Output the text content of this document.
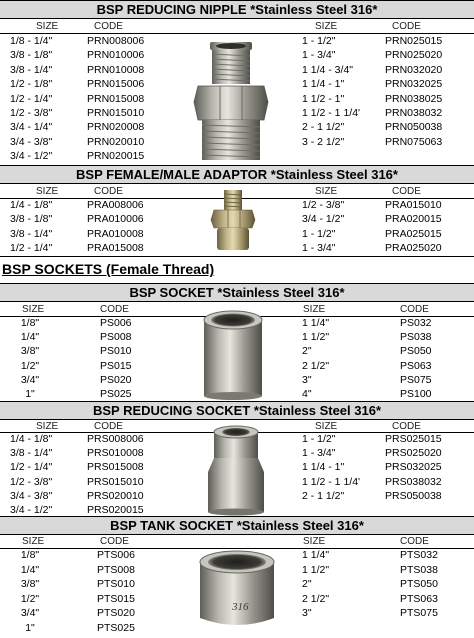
BSP REDUCING NIPPLE *Stainless Steel 316*
SIZE	CODE	SIZE	CODE
1/8 - 1/4"	PRN008006
3/8 - 1/8"	PRN010006
3/8 - 1/4"	PRN010008
1/2 - 1/8"	PRN015006
1/2 - 1/4"	PRN015008
1/2 - 3/8"	PRN015010
3/4 - 1/4"	PRN020008
3/4 - 3/8"	PRN020010
3/4 - 1/2"	PRN020015
1 - 1/2"	PRN025015
1 - 3/4"	PRN025020
1 1/4 - 3/4"	PRN032020
1 1/4 - 1"	PRN032025
1 1/2 - 1"	PRN038025
1 1/2 - 1 1/4' PRN038032
2 - 1 1/2"	PRN050038
3 - 2 1/2"	PRN075063
BSP FEMALE/MALE ADAPTOR *Stainless Steel 316*
SIZE	CODE	SIZE	CODE
1/4 - 1/8"	PRA008006
3/8 - 1/8"	PRA010006
3/8 - 1/4"	PRA010008
1/2 - 1/4"	PRA015008
1/2 - 3/8"	PRA015010
3/4 - 1/2"	PRA020015
1 - 1/2"	PRA025015
1 - 3/4"	PRA025020
BSP SOCKETS (Female Thread)
BSP SOCKET *Stainless Steel 316*
SIZE	CODE	SIZE	CODE
1/8"	PS006
1/4"	PS008
3/8"	PS010
1/2"	PS015
3/4"	PS020
1"	PS025
1 1/4"	PS032
1 1/2"	PS038
2"	PS050
2 1/2"	PS063
3"	PS075
4"	PS100
BSP REDUCING SOCKET *Stainless Steel 316*
SIZE	CODE	SIZE	CODE
1/4 - 1/8"	PRS008006
3/8 - 1/4"	PRS010008
1/2 - 1/4"	PRS015008
1/2 - 3/8"	PRS015010
3/4 - 3/8"	PRS020010
3/4 - 1/2"	PRS020015
1 - 1/2"	PRS025015
1 - 3/4"	PRS025020
1 1/4 - 1"	PRS032025
1 1/2 - 1 1/4' PRS038032
2 - 1 1/2"	PRS050038
BSP TANK SOCKET *Stainless Steel 316*
SIZE	CODE	SIZE	CODE
1/8"	PTS006
1/4"	PTS008
3/8"	PTS010
1/2"	PTS015
3/4"	PTS020
1"	PTS025
1 1/4"	PTS032
1 1/2"	PTS038
2"	PTS050
2 1/2"	PTS063
3"	PTS075
316
